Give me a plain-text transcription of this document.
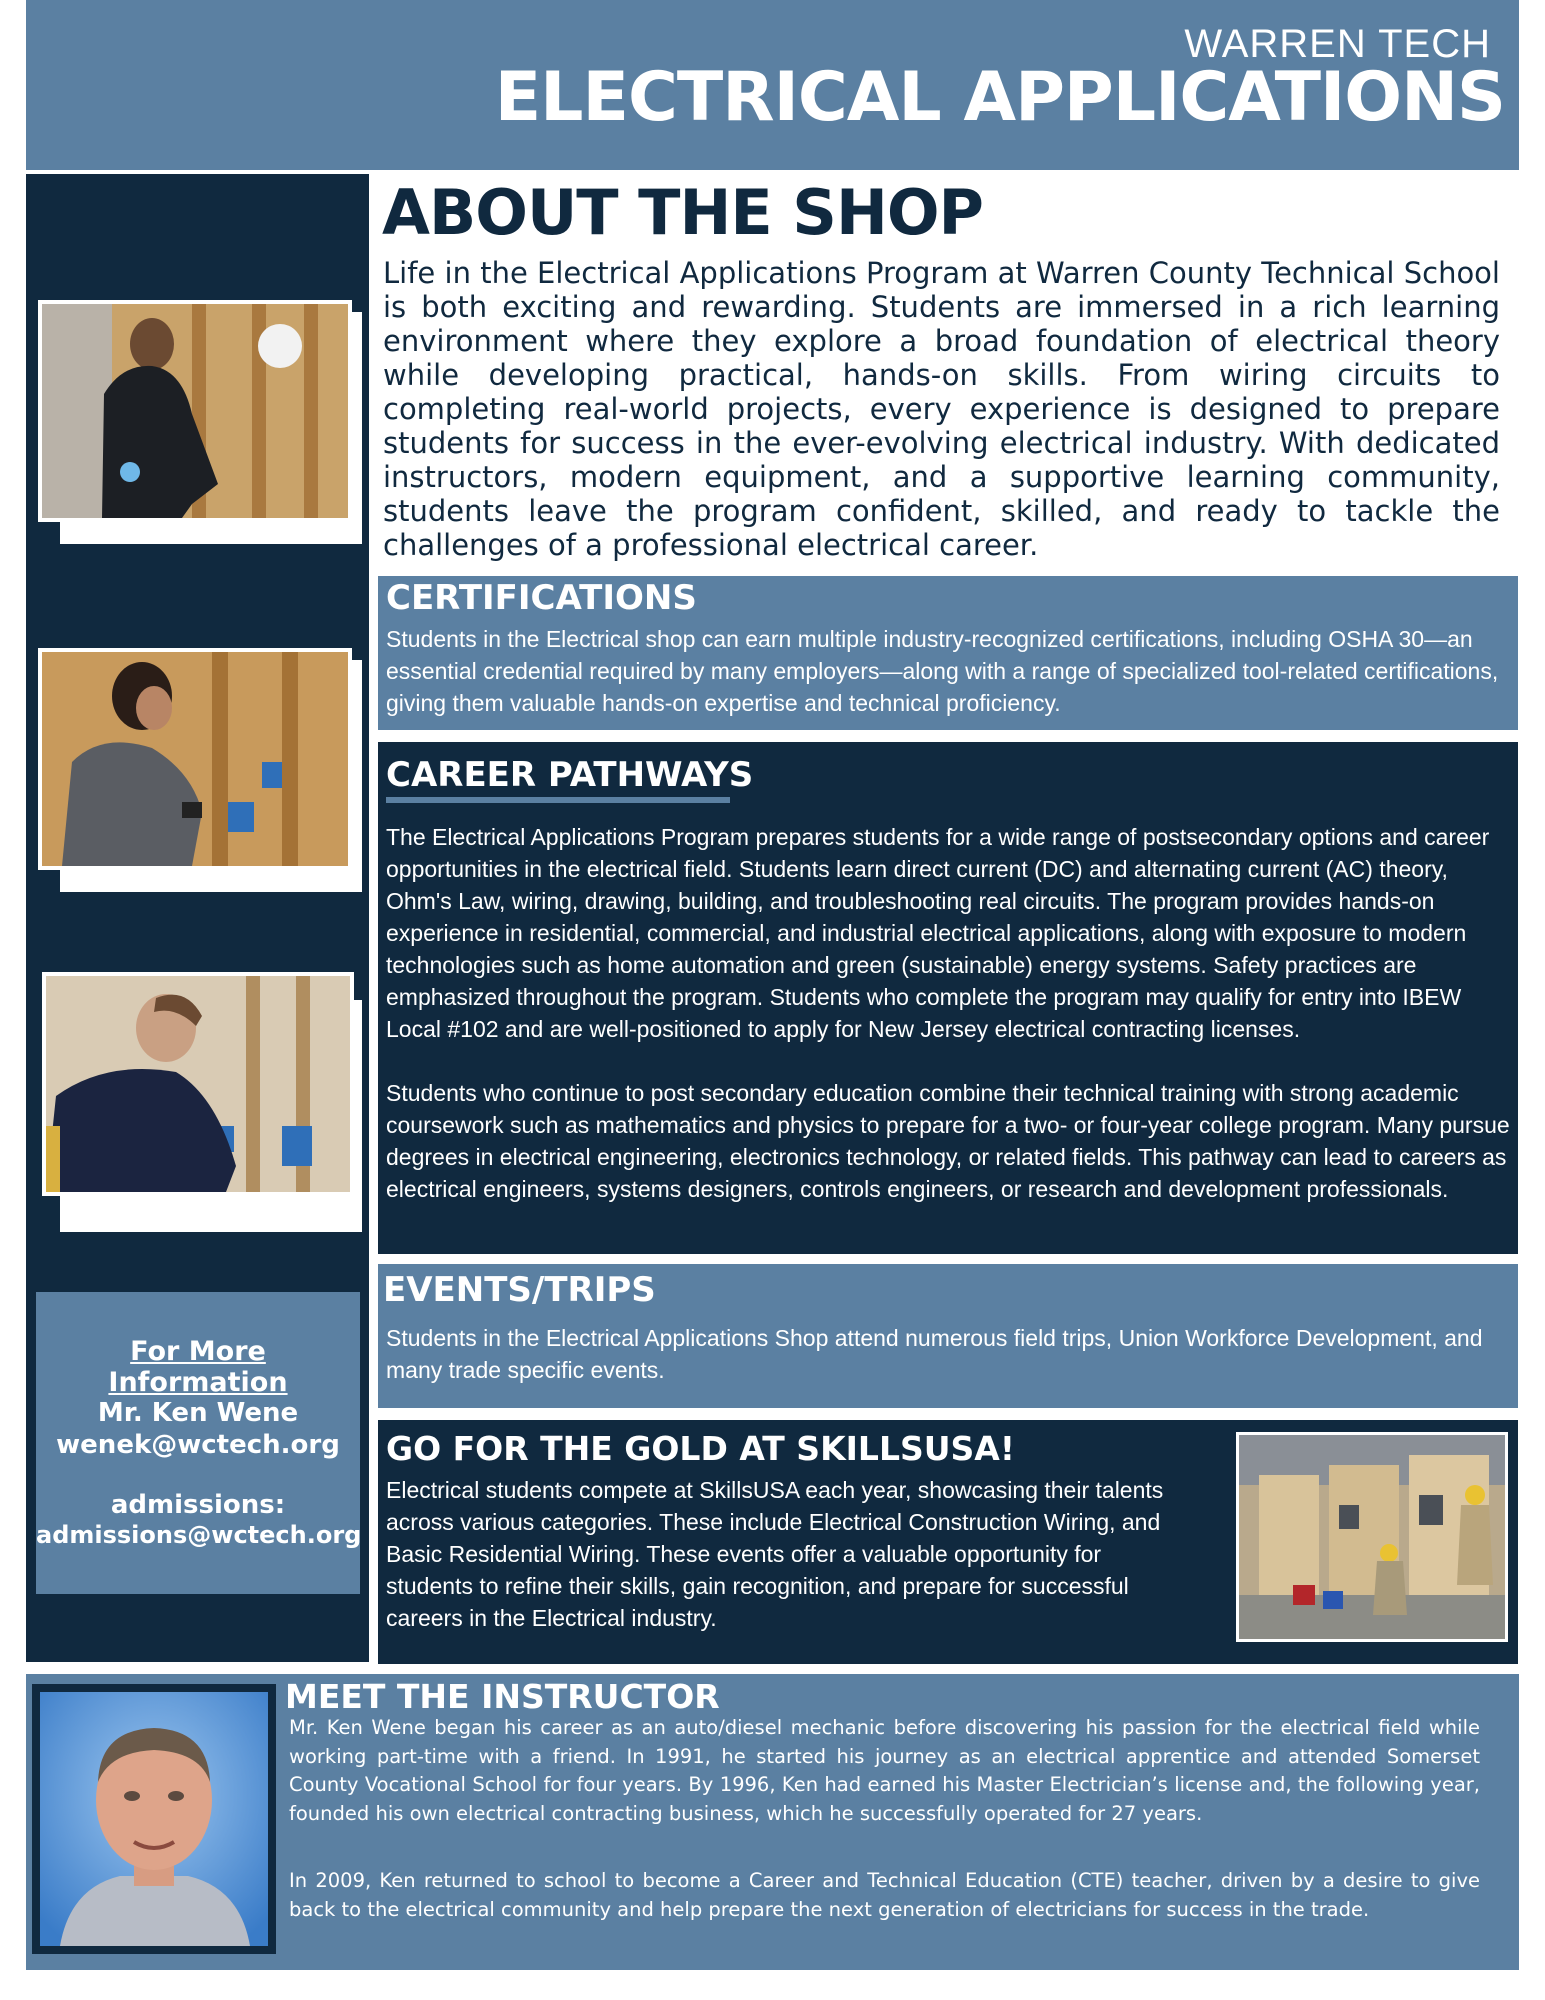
WARREN TECH
ELECTRICAL APPLICATIONS
For More Information
Mr. Ken Wene
wenek@wctech.org
admissions:
admissions@wctech.org
ABOUT THE SHOP
Life in the Electrical Applications Program at Warren County Technical School is both exciting and rewarding. Students are immersed in a rich learning environment where they explore a broad foundation of electrical theory while developing practical, hands-on skills. From wiring circuits to completing real-world projects, every experience is designed to prepare students for success in the ever-evolving electrical industry. With dedicated instructors, modern equipment, and a supportive learning community, students leave the program confident, skilled, and ready to tackle the challenges of a professional electrical career.
CERTIFICATIONS
Students in the Electrical shop can earn multiple industry-recognized certifications, including OSHA 30—an essential credential required by many employers—along with a range of specialized tool-related certifications, giving them valuable hands-on expertise and technical proficiency.
CAREER PATHWAYS
The Electrical Applications Program prepares students for a wide range of postsecondary options and career opportunities in the electrical field. Students learn direct current (DC) and alternating current (AC) theory, Ohm's Law, wiring, drawing, building, and troubleshooting real circuits. The program provides hands-on experience in residential, commercial, and industrial electrical applications, along with exposure to modern technologies such as home automation and green (sustainable) energy systems. Safety practices are emphasized throughout the program. Students who complete the program may qualify for entry into IBEW Local #102 and are well-positioned to apply for New Jersey electrical contracting licenses.
Students who continue to post secondary education combine their technical training with strong academic coursework such as mathematics and physics to prepare for a two- or four-year college program. Many pursue degrees in electrical engineering, electronics technology, or related fields. This pathway can lead to careers as electrical engineers, systems designers, controls engineers, or research and development professionals.
EVENTS/TRIPS
Students in the Electrical Applications Shop attend numerous field trips, Union Workforce Development, and many trade specific events.
GO FOR THE GOLD AT SKILLSUSA!
Electrical students compete at SkillsUSA each year, showcasing their talents across various categories. These include Electrical Construction Wiring, and Basic Residential Wiring. These events offer a valuable opportunity for students to refine their skills, gain recognition, and prepare for successful careers in the Electrical industry.
MEET THE INSTRUCTOR
Mr. Ken Wene began his career as an auto/diesel mechanic before discovering his passion for the electrical field while working part-time with a friend. In 1991, he started his journey as an electrical apprentice and attended Somerset County Vocational School for four years. By 1996, Ken had earned his Master Electrician’s license and, the following year, founded his own electrical contracting business, which he successfully operated for 27 years.
In 2009, Ken returned to school to become a Career and Technical Education (CTE) teacher, driven by a desire to give back to the electrical community and help prepare the next generation of electricians for success in the trade.
